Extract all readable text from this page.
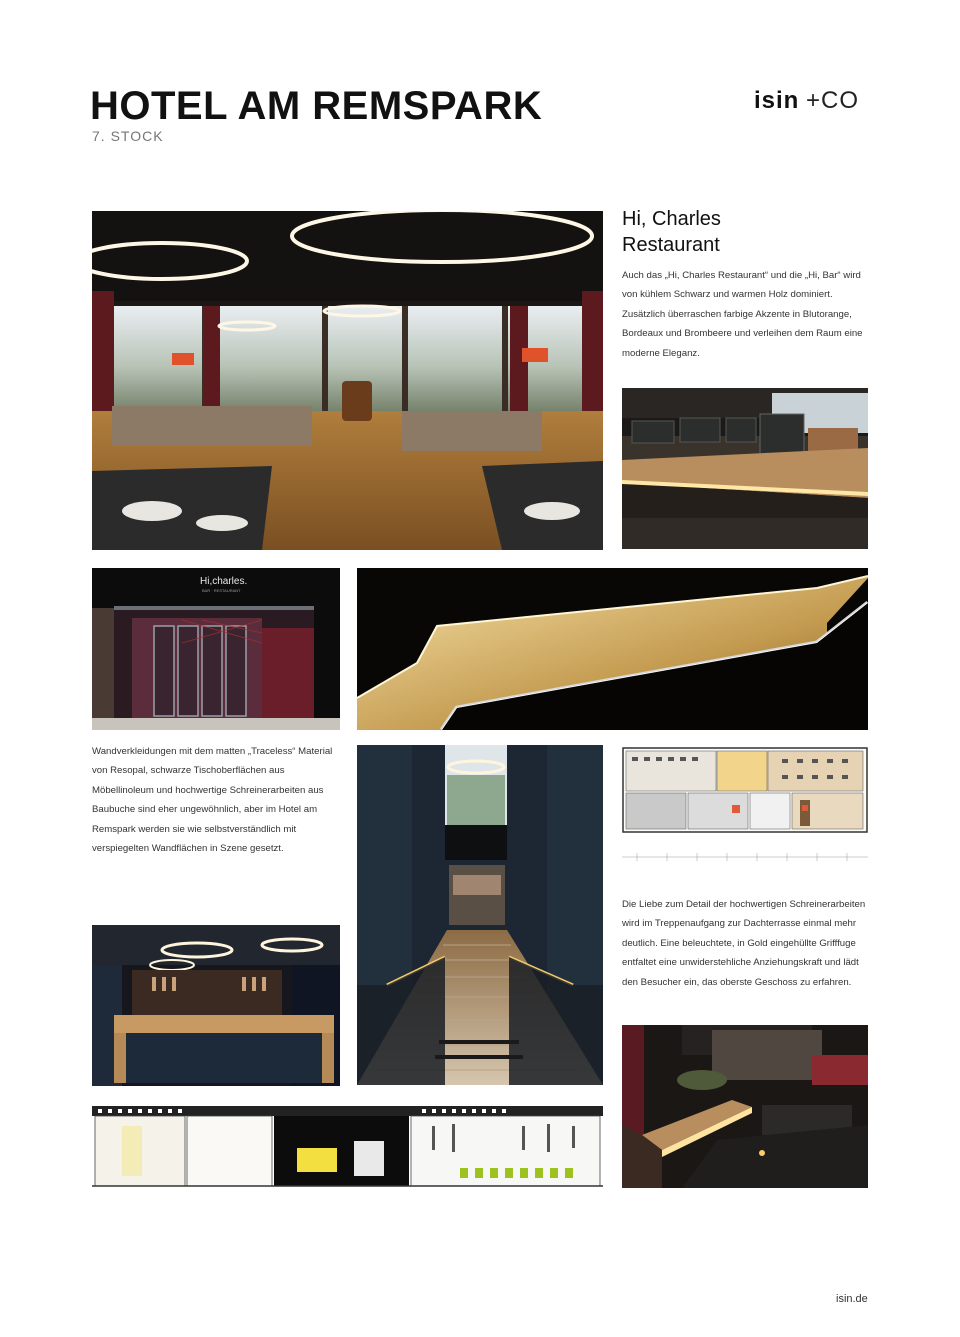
HOTEL AM REMSPARK
7. STOCK
isin +CO
Hi, Charles
Restaurant
Auch das „Hi, Charles Restaurant“ und die „Hi, Bar“ wird von kühlem Schwarz und warmen Holz dominiert. Zusätzlich überraschen farbige Akzente in Blutorange, Bordeaux und Brombeere und verleihen dem Raum eine moderne Eleganz.
Hi,charles.
BAR · RESTAURANT
Wandverkleidungen mit dem matten „Traceless“ Material von Resopal, schwarze Tischoberflächen aus Möbellinoleum und hochwertige Schreinerarbeiten aus Baubuche sind eher ungewöhnlich, aber im Hotel am Remspark werden sie wie selbstverständlich mit verspiegelten Wandflächen in Szene gesetzt.
Die Liebe zum Detail der hochwertigen Schreinerarbeiten wird im Treppenaufgang zur Dachterrasse einmal mehr deutlich. Eine beleuchtete, in Gold eingehüllte Grifffuge entfaltet eine unwiderstehliche Anziehungskraft und lädt den Besucher ein, das oberste Geschoss zu erfahren.
isin.de
